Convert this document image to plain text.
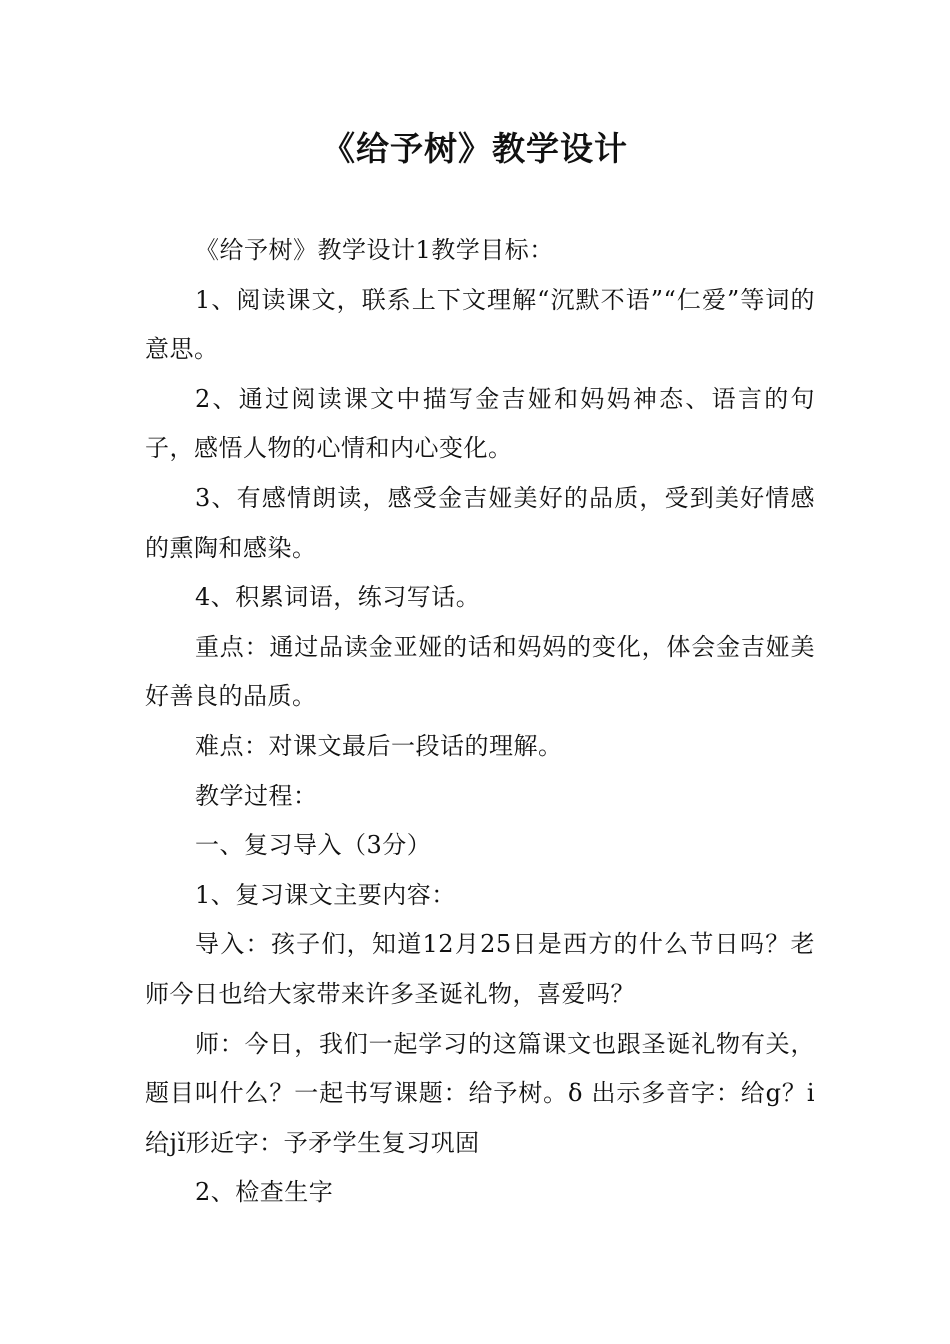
《给予树》教学设计

《给予树》教学设计1教学目标：

1、阅读课文，联系上下文理解“沉默不语”“仁爱”等词的意思。

2、通过阅读课文中描写金吉娅和妈妈神态、语言的句子，感悟人物的心情和内心变化。

3、有感情朗读，感受金吉娅美好的品质，受到美好情感的熏陶和感染。

4、积累词语，练习写话。

重点：通过品读金亚娅的话和妈妈的变化，体会金吉娅美好善良的品质。

难点：对课文最后一段话的理解。

教学过程：

一、复习导入（3分）

1、复习课文主要内容：

导入：孩子们，知道12月25日是西方的什么节日吗？老师今日也给大家带来许多圣诞礼物，喜爱吗？

师：今日，我们一起学习的这篇课文也跟圣诞礼物有关，题目叫什么？一起书写课题：给予树。δ 出示多音字：给g？i给jǐ形近字：予矛学生复习巩固

2、检查生字
